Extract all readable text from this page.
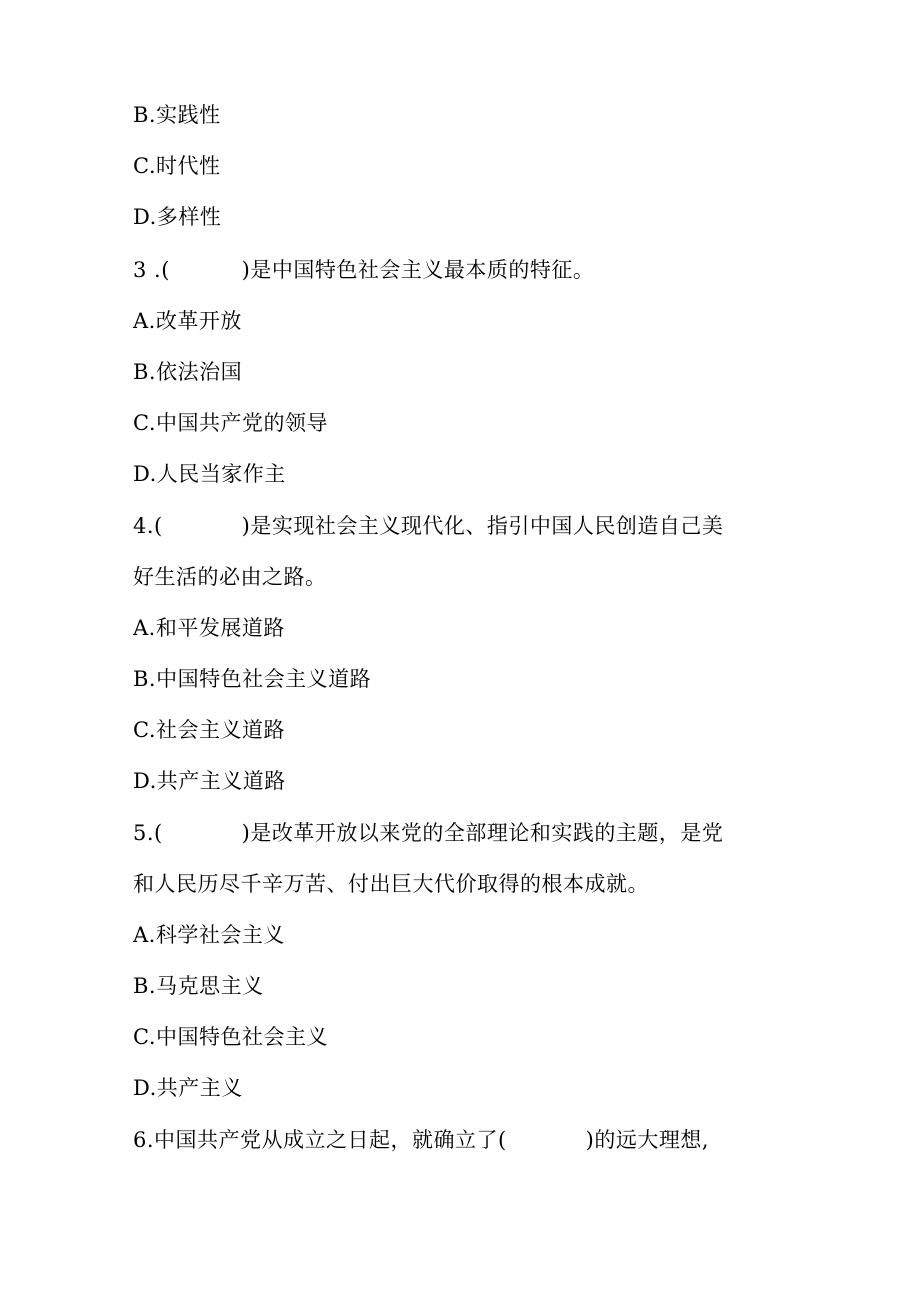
B.实践性
C.时代性
D.多样性
3 .(          )是中国特色社会主义最本质的特征。
A.改革开放
B.依法治国
C.中国共产党的领导
D.人民当家作主
4.(           )是实现社会主义现代化、指引中国人民创造自己美
好生活的必由之路。
A.和平发展道路
B.中国特色社会主义道路
C.社会主义道路
D.共产主义道路
5.(           )是改革开放以来党的全部理论和实践的主题，是党
和人民历尽千辛万苦、付出巨大代价取得的根本成就。
A.科学社会主义
B.马克思主义
C.中国特色社会主义
D.共产主义
6.中国共产党从成立之日起，就确立了(           )的远大理想,
